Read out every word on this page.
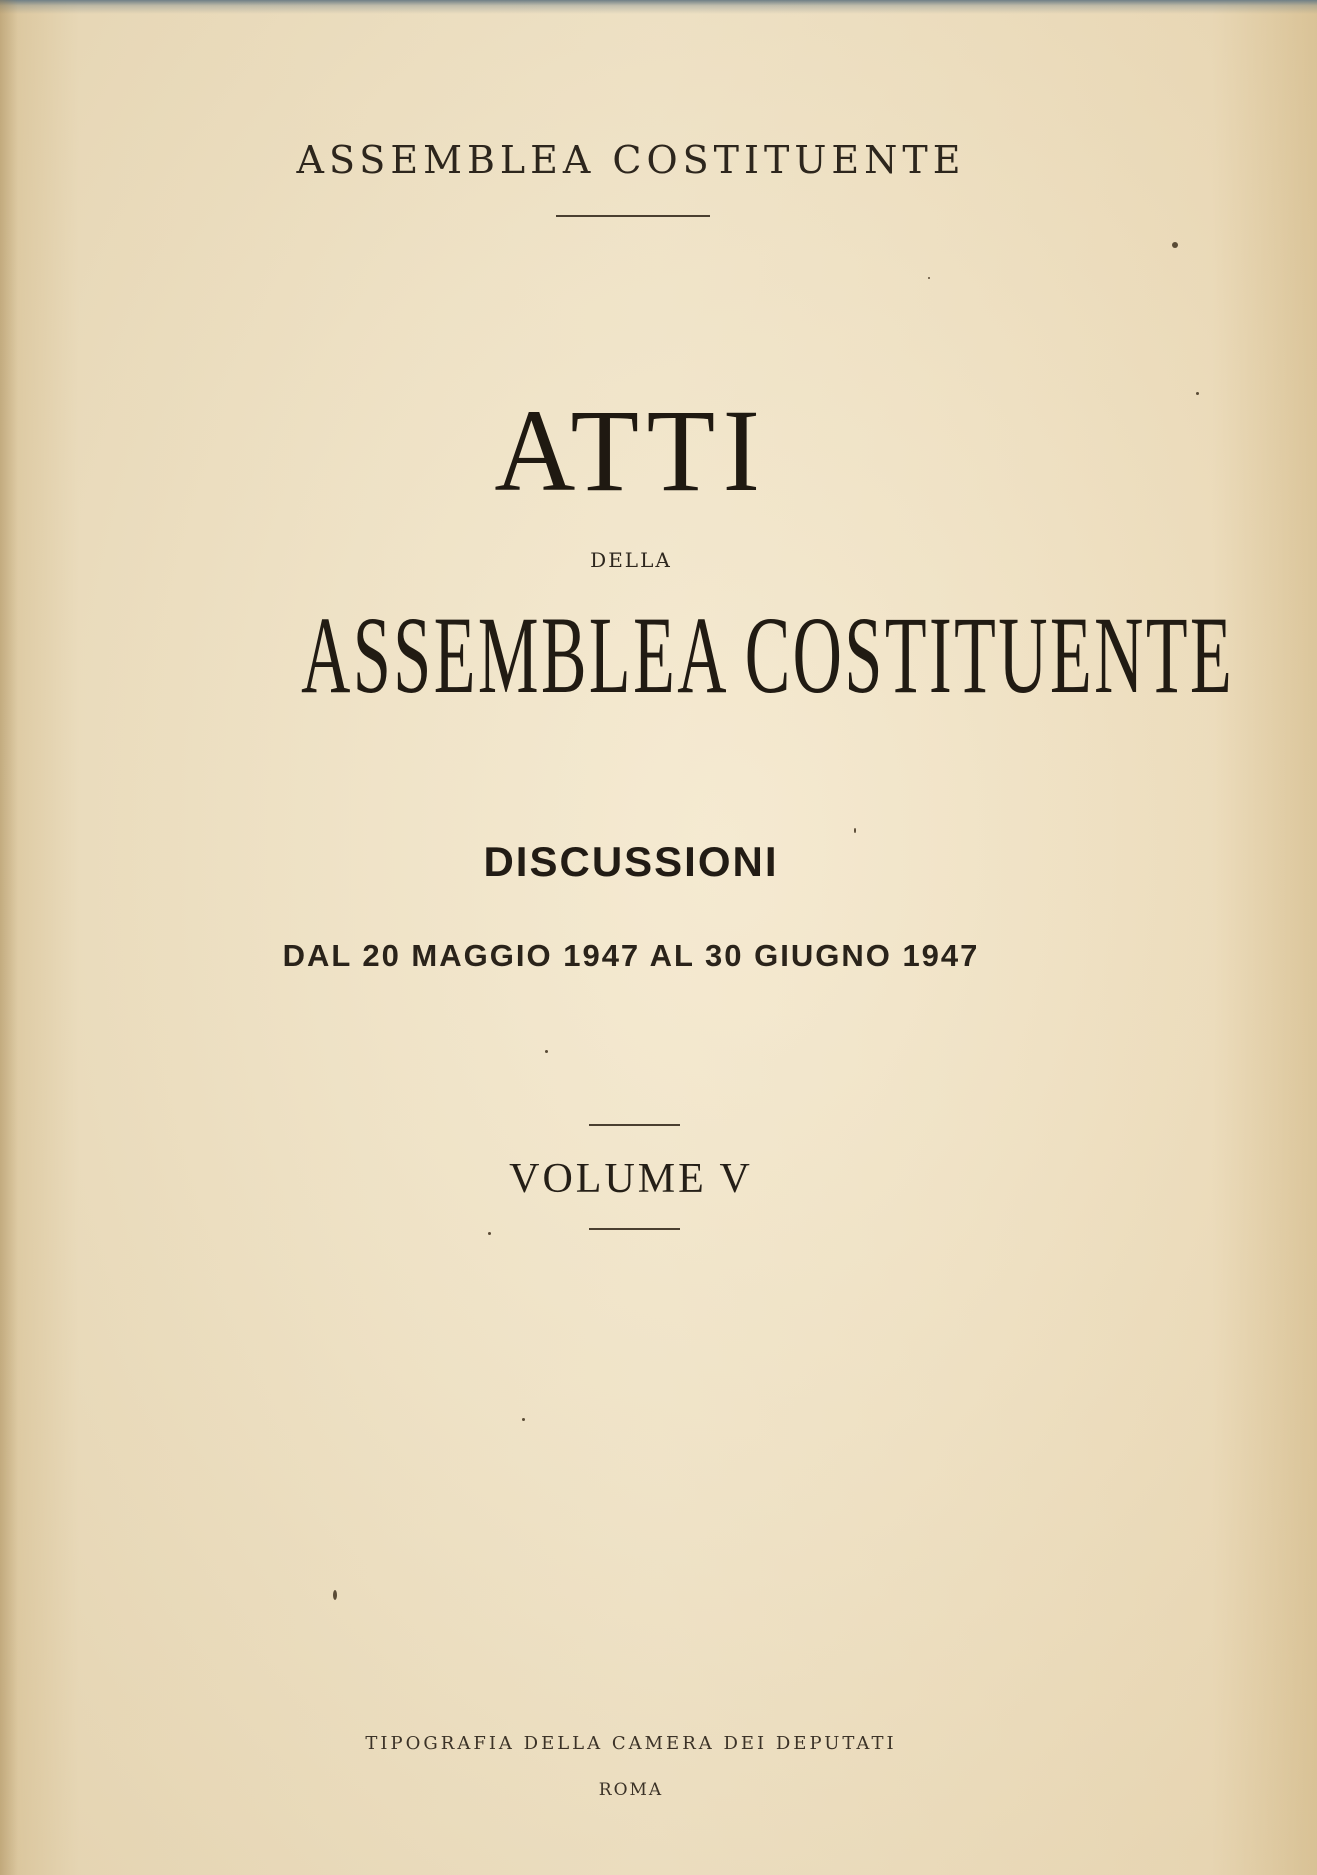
ASSEMBLEA COSTITUENTE
ATTI
DELLA
ASSEMBLEA COSTITUENTE
DISCUSSIONI
DAL 20 MAGGIO 1947 AL 30 GIUGNO 1947
VOLUME V
TIPOGRAFIA DELLA CAMERA DEI DEPUTATI
ROMA
